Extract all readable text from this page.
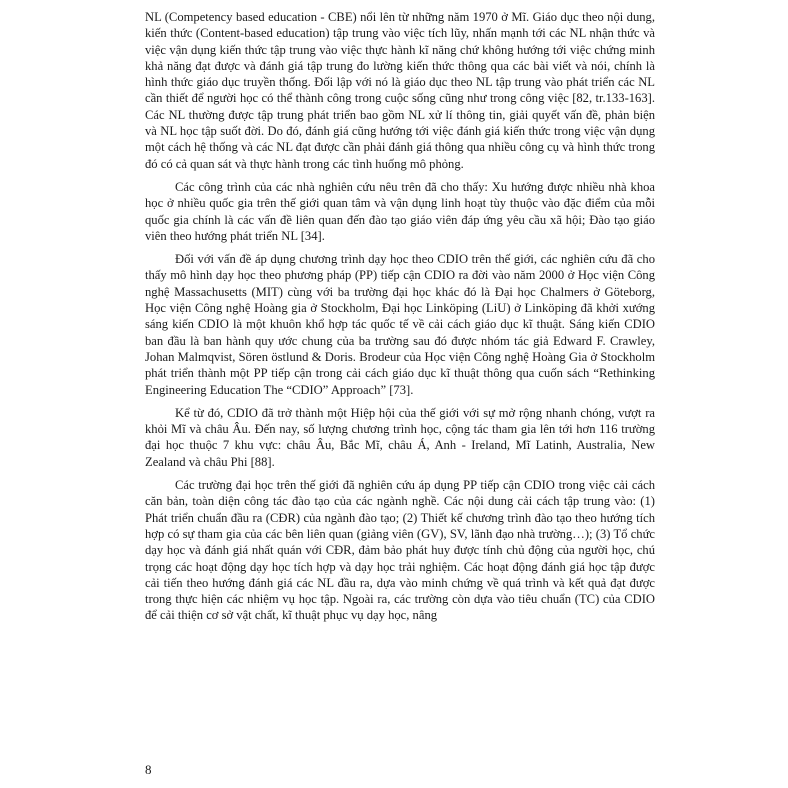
NL (Competency based education - CBE) nổi lên từ những năm 1970 ở Mĩ. Giáo dục theo nội dung, kiến thức (Content-based education) tập trung vào việc tích lũy, nhấn mạnh tới các NL nhận thức và việc vận dụng kiến thức tập trung vào việc thực hành kĩ năng chứ không hướng tới việc chứng minh khả năng đạt được và đánh giá tập trung đo lường kiến thức thông qua các bài viết và nói, chính là hình thức giáo dục truyền thống. Đối lập với nó là giáo dục theo NL tập trung vào phát triển các NL cần thiết để người học có thể thành công trong cuộc sống cũng như trong công việc [82, tr.133-163]. Các NL thường được tập trung phát triển bao gồm NL xử lí thông tin, giải quyết vấn đề, phản biện và NL học tập suốt đời. Do đó, đánh giá cũng hướng tới việc đánh giá kiến thức trong việc vận dụng một cách hệ thống và các NL đạt được cần phải đánh giá thông qua nhiều công cụ và hình thức trong đó có cả quan sát và thực hành trong các tình huống mô phỏng.

Các công trình của các nhà nghiên cứu nêu trên đã cho thấy: Xu hướng được nhiều nhà khoa học ở nhiều quốc gia trên thế giới quan tâm và vận dụng linh hoạt tùy thuộc vào đặc điểm của mỗi quốc gia chính là các vấn đề liên quan đến đào tạo giáo viên đáp ứng yêu cầu xã hội; Đào tạo giáo viên theo hướng phát triển NL [34].

Đối với vấn đề áp dụng chương trình dạy học theo CDIO trên thế giới, các nghiên cứu đã cho thấy mô hình dạy học theo phương pháp (PP) tiếp cận CDIO ra đời vào năm 2000 ở Học viện Công nghệ Massachusetts (MIT) cùng với ba trường đại học khác đó là Đại học Chalmers ở Göteborg, Học viện Công nghệ Hoàng gia ở Stockholm, Đại học Linköping (LiU) ở Linköping đã khởi xướng sáng kiến CDIO là một khuôn khổ hợp tác quốc tế về cải cách giáo dục kĩ thuật. Sáng kiến CDIO ban đầu là ban hành quy ước chung của ba trường sau đó được nhóm tác giả Edward F. Crawley, Johan Malmqvist, Sören östlund & Doris. Brodeur của Học viện Công nghệ Hoàng Gia ở Stockholm phát triển thành một PP tiếp cận trong cải cách giáo dục kĩ thuật thông qua cuốn sách “Rethinking Engineering Education The “CDIO” Approach” [73].

Kể từ đó, CDIO đã trở thành một Hiệp hội của thế giới với sự mở rộng nhanh chóng, vượt ra khỏi Mĩ và châu Âu. Đến nay, số lượng chương trình học, cộng tác tham gia lên tới hơn 116 trường đại học thuộc 7 khu vực: châu Âu, Bắc Mĩ, châu Á, Anh - Ireland, Mĩ Latinh, Australia, New Zealand và châu Phi [88].

Các trường đại học trên thế giới đã nghiên cứu áp dụng PP tiếp cận CDIO trong việc cải cách căn bản, toàn diện công tác đào tạo của các ngành nghề. Các nội dung cải cách tập trung vào: (1) Phát triển chuẩn đầu ra (CĐR) của ngành đào tạo; (2) Thiết kế chương trình đào tạo theo hướng tích hợp có sự tham gia của các bên liên quan (giảng viên (GV), SV, lãnh đạo nhà trường…); (3) Tổ chức dạy học và đánh giá nhất quán với CĐR, đảm bảo phát huy được tính chủ động của người học, chú trọng các hoạt động dạy học tích hợp và dạy học trải nghiệm. Các hoạt động đánh giá học tập được cải tiến theo hướng đánh giá các NL đầu ra, dựa vào minh chứng về quá trình và kết quả đạt được trong thực hiện các nhiệm vụ học tập. Ngoài ra, các trường còn dựa vào tiêu chuẩn (TC) của CDIO để cải thiện cơ sở vật chất, kĩ thuật phục vụ dạy học, nâng

8
